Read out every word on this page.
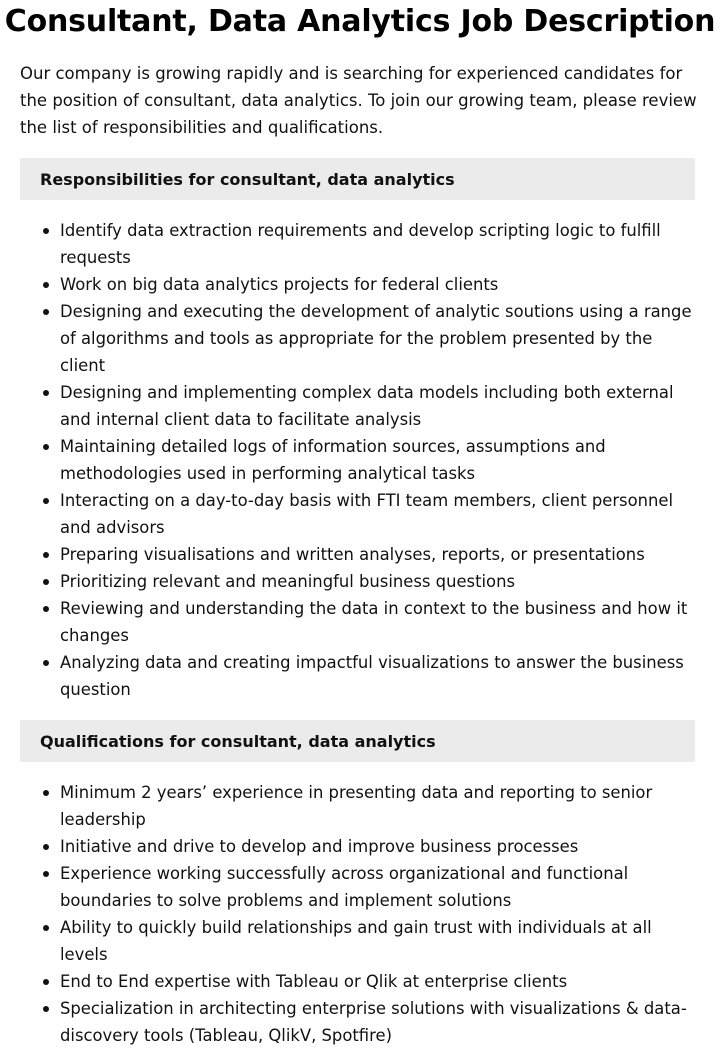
Consultant, Data Analytics Job Description

Our company is growing rapidly and is searching for experienced candidates for the position of consultant, data analytics. To join our growing team, please review the list of responsibilities and qualifications.

Responsibilities for consultant, data analytics
Identify data extraction requirements and develop scripting logic to fulfill requests
Work on big data analytics projects for federal clients
Designing and executing the development of analytic soutions using a range of algorithms and tools as appropriate for the problem presented by the client
Designing and implementing complex data models including both external and internal client data to facilitate analysis
Maintaining detailed logs of information sources, assumptions and methodologies used in performing analytical tasks
Interacting on a day-to-day basis with FTI team members, client personnel and advisors
Preparing visualisations and written analyses, reports, or presentations
Prioritizing relevant and meaningful business questions
Reviewing and understanding the data in context to the business and how it changes
Analyzing data and creating impactful visualizations to answer the business question
Qualifications for consultant, data analytics
Minimum 2 years’ experience in presenting data and reporting to senior leadership
Initiative and drive to develop and improve business processes
Experience working successfully across organizational and functional boundaries to solve problems and implement solutions
Ability to quickly build relationships and gain trust with individuals at all levels
End to End expertise with Tableau or Qlik at enterprise clients
Specialization in architecting enterprise solutions with visualizations & data-discovery tools (Tableau, QlikV, Spotfire)
